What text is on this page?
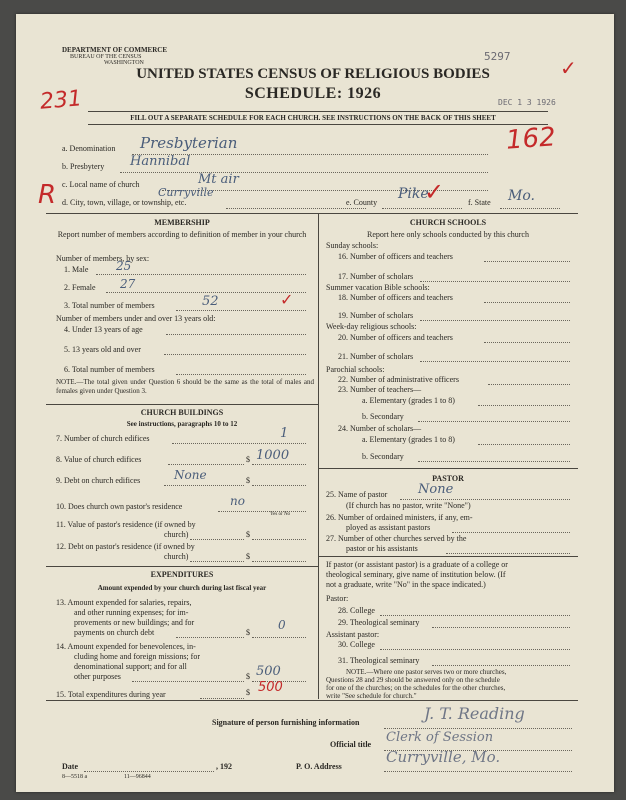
DEPARTMENT OF COMMERCE
BUREAU OF THE CENSUS
WASHINGTON	5297 ✓
UNITED STATES CENSUS OF RELIGIOUS BODIES
SCHEDULE: 1926
231	DEC 1 3 1926
FILL OUT A SEPARATE SCHEDULE FOR EACH CHURCH. SEE INSTRUCTIONS ON THE BACK OF THIS SHEET
162
a. Denomination Presbyterian
b. Presbytery Hannibal
c. Local name of church	Mt air
R d. City, town, village, or township, etc.
Curryville
e. County
Pike
✓	f. State Mo.
MEMBERSHIP
Report number of members according to definition of member in your church
Number of members, by sex:
1. Male 25
2. Female 27
3. Total number of members	52	✓
Number of members under and over 13 years old:
4. Under 13 years of age
5. 13 years old and over
6. Total number of members
NOTE.—The total given under Question 6 should be the same as the total of males and females given under Question 3.
CHURCH BUILDINGS
See instructions, paragraphs 10 to 12
7. Number of church edifices	1
8. Value of church edifices	$ 1000
9. Debt on church edifices	$
None
10. Does church own pastor's residence	no
Yes or No
11. Value of pastor's residence (if owned by
church)	$
12. Debt on pastor's residence (if owned by
church)	$
EXPENDITURES
Amount expended by your church during last fiscal year
13. Amount expended for salaries, repairs,
and other running expenses; for im-
provements or new buildings; and for
payments on church debt	$
0
14. Amount expended for benevolences, in-
cluding home and foreign missions; for
denominational support; and for all
other purposes	$ 500
15. Total expenditures during year	$ 500
CHURCH SCHOOLS
Report here only schools conducted by this church
Sunday schools:
16. Number of officers and teachers
17. Number of scholars
Summer vacation Bible schools:
18. Number of officers and teachers
19. Number of scholars
Week-day religious schools:
20. Number of officers and teachers
21. Number of scholars
Parochial schools:
22. Number of administrative officers
23. Number of teachers—
a. Elementary (grades 1 to 8)
b. Secondary
24. Number of scholars—
a. Elementary (grades 1 to 8)
b. Secondary
PASTOR
25. Name of pastor None
(If church has no pastor, write "None")
26. Number of ordained ministers, if any, em-
ployed as assistant pastors
27. Number of other churches served by the
pastor or his assistants
If pastor (or assistant pastor) is a graduate of a college or
theological seminary, give name of institution below. (If
not a graduate, write "No" in the space indicated.)
Pastor:
28. College
29. Theological seminary
Assistant pastor:
30. College
31. Theological seminary
NOTE.—Where one pastor serves two or more churches,
Questions 28 and 29 should be answered only on the schedule
for one of the churches; on the schedules for the other churches,
write "See schedule for church."
Signature of person furnishing information	J. T. Reading
Official title Clerk of Session
Date	, 192	P. O. Address
Curryville, Mo.
8—5518 a	11—96844
